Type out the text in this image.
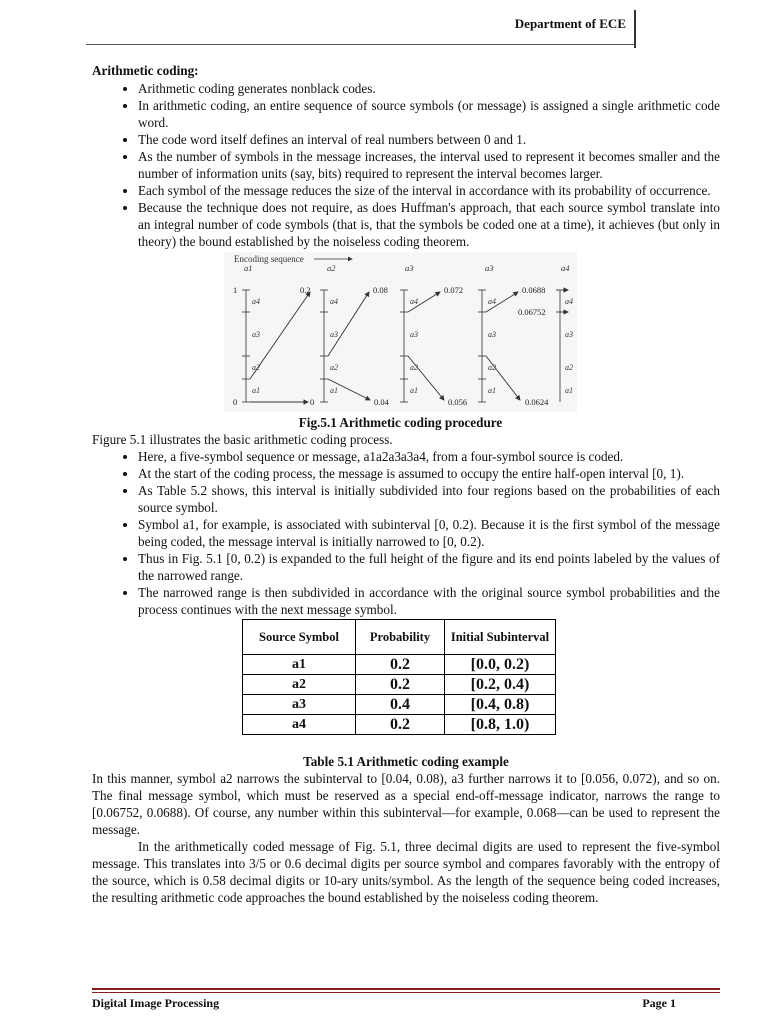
Department of ECE
Arithmetic coding:
• Arithmetic coding generates nonblack codes.
• In arithmetic coding, an entire sequence of source symbols (or message) is assigned a single arithmetic code word.
• The code word itself defines an interval of real numbers between 0 and 1.
• As the number of symbols in the message increases, the interval used to represent it becomes smaller and the number of information units (say, bits) required to represent the interval becomes larger.
• Each symbol of the message reduces the size of the interval in accordance with its probability of occurrence.
• Because the technique does not require, as does Huffman's approach, that each source symbol translate into an integral number of code symbols (that is, that the symbols be coded one at a time), it achieves (but only in theory) the bound established by the noiseless coding theorem.
Encoding sequence
a1	a2	a3	a3	a4
a4
a3
a2
a1
a4
a3
a2
a1
a4
a3
a2
a1
a4
a3
a2
a1
a4
a3
a2
a1
1	0.2	0.08	0.072	0.0688
0.06752
0	0	0.04	0.056	0.0624
Fig.5.1 Arithmetic coding procedure

Figure 5.1 illustrates the basic arithmetic coding process.

• Here, a five-symbol sequence or message, a1a2a3a3a4, from a four-symbol source is coded.
• At the start of the coding process, the message is assumed to occupy the entire half-open interval [0, 1).
• As Table 5.2 shows, this interval is initially subdivided into four regions based on the probabilities of each source symbol.
• Symbol a1, for example, is associated with subinterval [0, 0.2). Because it is the first symbol of the message being coded, the message interval is initially narrowed to [0, 0.2).
• Thus in Fig. 5.1 [0, 0.2) is expanded to the full height of the figure and its end points labeled by the values of the narrowed range.
• The narrowed range is then subdivided in accordance with the original source symbol probabilities and the process continues with the next message symbol.
Source Symbol	Probability	Initial Subinterval
a1	0.2	[0.0, 0.2)
a2	0.2	[0.2, 0.4)
a3	0.4	[0.4, 0.8)
a4	0.2	[0.8, 1.0)
Table 5.1 Arithmetic coding example

In this manner, symbol a2 narrows the subinterval to [0.04, 0.08), a3 further narrows it to [0.056, 0.072), and so on. The final message symbol, which must be reserved as a special end-off-message indicator, narrows the range to [0.06752, 0.0688). Of course, any number within this subinterval—for example, 0.068—can be used to represent the message.

In the arithmetically coded message of Fig. 5.1, three decimal digits are used to represent the five-symbol message. This translates into 3/5 or 0.6 decimal digits per source symbol and compares favorably with the entropy of the source, which is 0.58 decimal digits or 10-ary units/symbol. As the length of the sequence being coded increases, the resulting arithmetic code approaches the bound established by the noiseless coding theorem.

Digital Image Processing	Page 1
